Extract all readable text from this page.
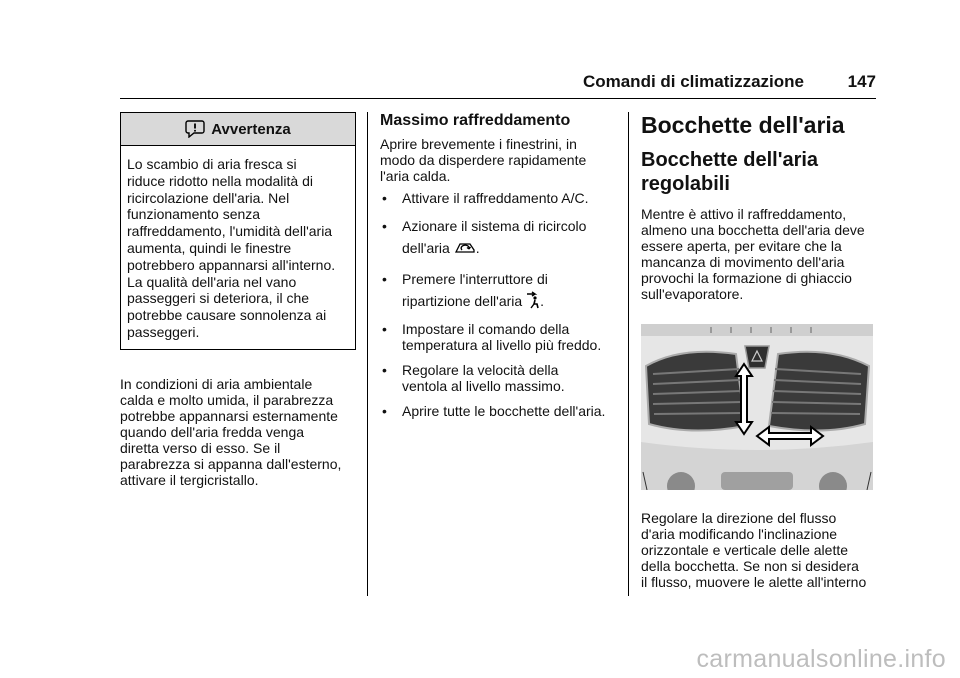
Comandi di climatizzazione	147
Avvertenza
Lo scambio di aria fresca si
riduce ridotto nella modalità di
ricircolazione dell'aria. Nel
funzionamento senza
raffreddamento, l'umidità dell'aria
aumenta, quindi le finestre
potrebbero appannarsi all'interno.
La qualità dell'aria nel vano
passeggeri si deteriora, il che
potrebbe causare sonnolenza ai
passeggeri.

In condizioni di aria ambientale
calda e molto umida, il parabrezza
potrebbe appannarsi esternamente
quando dell'aria fredda venga
diretta verso di esso. Se il
parabrezza si appanna dall'esterno,
attivare il tergicristallo.

Massimo raffreddamento

Aprire brevemente i finestrini, in
modo da disperdere rapidamente
l'aria calda.

• Attivare il raffreddamento A/C.
• Azionare il sistema di ricircolo
dell'aria .
• Premere l'interruttore di
ripartizione dell'aria .
• Impostare il comando della
temperatura al livello più freddo.
• Regolare la velocità della
ventola al livello massimo.
• Aprire tutte le bocchette dell'aria.
Bocchette dell'aria
Bocchette dell'aria
regolabili

Mentre è attivo il raffreddamento,
almeno una bocchetta dell'aria deve
essere aperta, per evitare che la
mancanza di movimento dell'aria
provochi la formazione di ghiaccio
sull'evaporatore.

Regolare la direzione del flusso
d'aria modificando l'inclinazione
orizzontale e verticale delle alette
della bocchetta. Se non si desidera
il flusso, muovere le alette all'interno

carmanualsonline.info
